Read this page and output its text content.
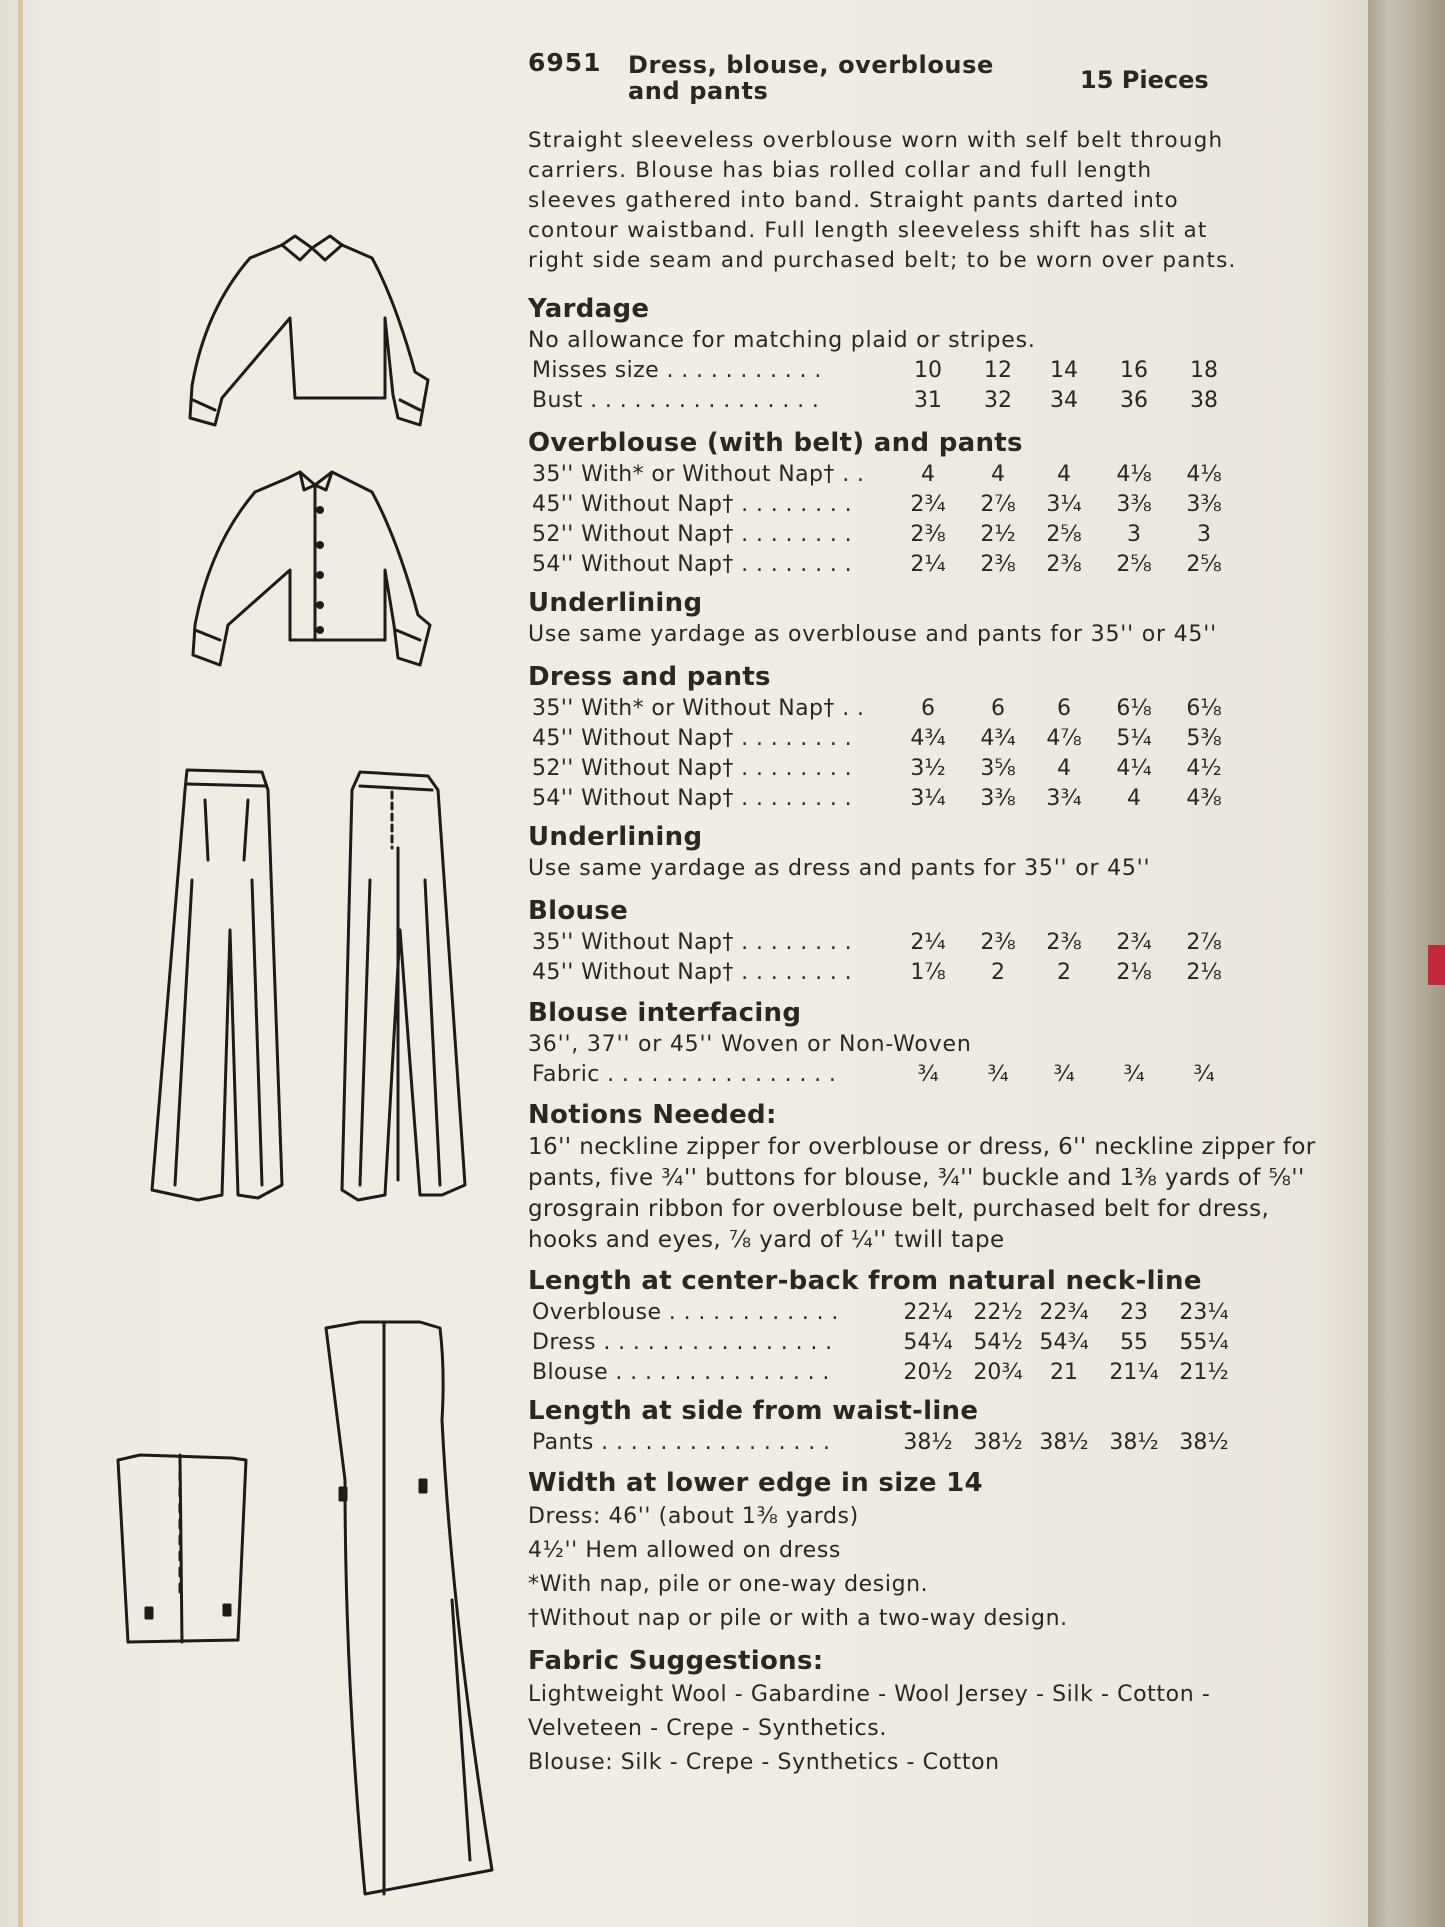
6951 Dress, blouse, overblouse and pants	15 Pieces
Straight sleeveless overblouse worn with self belt through carriers. Blouse has bias rolled collar and full length sleeves gathered into band. Straight pants darted into contour waistband. Full length sleeveless shift has slit at right side seam and purchased belt; to be worn over pants.
Yardage
No allowance for matching plaid or stripes.
Misses size . . . . . . . . . . .	10	12	14	16	18
Bust . . . . . . . . . . . . . . . .	31	32	34	36	38
Overblouse (with belt) and pants
35'' With* or Without Nap† . .	4	4	4	4⅛	4⅛
45'' Without Nap† . . . . . . . .	2¾	2⅞	3¼	3⅜	3⅜
52'' Without Nap† . . . . . . . .	2⅜	2½	2⅝	3	3
54'' Without Nap† . . . . . . . .	2¼	2⅜	2⅜	2⅝	2⅝
Underlining
Use same yardage as overblouse and pants for 35'' or 45''
Dress and pants
35'' With* or Without Nap† . .	6	6	6	6⅛	6⅛
45'' Without Nap† . . . . . . . .	4¾	4¾	4⅞	5¼	5⅜
52'' Without Nap† . . . . . . . .	3½	3⅝	4	4¼	4½
54'' Without Nap† . . . . . . . .	3¼	3⅜	3¾	4	4⅜
Underlining
Use same yardage as dress and pants for 35'' or 45''
Blouse
35'' Without Nap† . . . . . . . .	2¼	2⅜	2⅜	2¾	2⅞
45'' Without Nap† . . . . . . . .	1⅞	2	2	2⅛	2⅛
Blouse interfacing
36'', 37'' or 45'' Woven or Non-Woven
Fabric . . . . . . . . . . . . . . . .	¾	¾	¾	¾	¾
Notions Needed:
16'' neckline zipper for overblouse or dress, 6'' neckline zipper for pants, five ¾'' buttons for blouse, ¾'' buckle and 1⅜ yards of ⅝'' grosgrain ribbon for overblouse belt, purchased belt for dress, hooks and eyes, ⅞ yard of ¼'' twill tape
Length at center-back from natural neck-line
Overblouse . . . . . . . . . . . .	22¼ 22½ 22¾	23	23¼
Dress . . . . . . . . . . . . . . . .	54¼ 54½ 54¾	55	55¼
Blouse . . . . . . . . . . . . . . .	20½ 20¾	21	21¼ 21½
Length at side from waist-line
Pants . . . . . . . . . . . . . . . .	38½ 38½ 38½ 38½ 38½
Width at lower edge in size 14
Dress: 46'' (about 1⅜ yards)
4½'' Hem allowed on dress
*With nap, pile or one-way design.
†Without nap or pile or with a two-way design.
Fabric Suggestions:
Lightweight Wool - Gabardine - Wool Jersey - Silk - Cotton -
Velveteen - Crepe - Synthetics.
Blouse: Silk - Crepe - Synthetics - Cotton
